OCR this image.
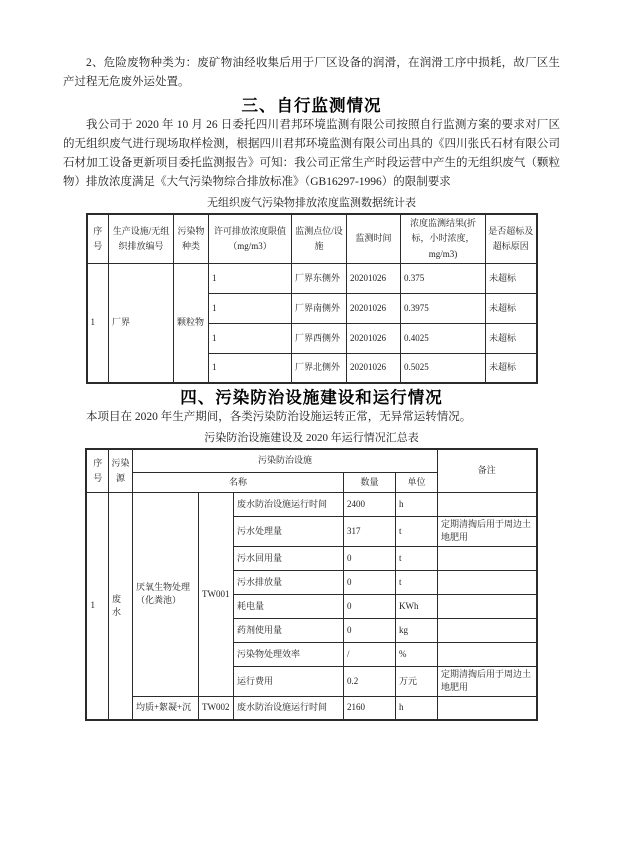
2、危险废物种类为：废矿物油经收集后用于厂区设备的润滑，在润滑工序中损耗，故厂区生产过程无危废外运处置。

三、自行监测情况

我公司于 2020 年 10 月 26 日委托四川君邦环境监测有限公司按照自行监测方案的要求对厂区的无组织废气进行现场取样检测，根据四川君邦环境监测有限公司出具的《四川张氏石材有限公司石材加工设备更新项目委托监测报告》可知：我公司正常生产时段运营中产生的无组织废气（颗粒物）排放浓度满足《大气污染物综合排放标准》（GB16297-1996）的限制要求

无组织废气污染物排放浓度监测数据统计表
序号	生产设施/无组织排放编号	污染物种类	许可排放浓度限值（mg/m3）	监测点位/设施	监测时间	浓度监测结果(折标，小时浓度，mg/m3)	是否超标及超标原因
1	厂界	颗粒物	1	厂界东侧外	20201026	0.375	未超标
			1	厂界南侧外	20201026	0.3975	未超标
			1	厂界西侧外	20201026	0.4025	未超标
			1	厂界北侧外	20201026	0.5025	未超标
四、污染防治设施建设和运行情况

本项目在 2020 年生产期间，各类污染防治设施运转正常，无异常运转情况。

污染防治设施建设及 2020 年运行情况汇总表
序号	污染源	污染防治设施					备注
		名称			数量	单位	
1	废水	厌氧生物处理（化粪池）	TW001	废水防治设施运行时间	2400	h	
				污水处理量	317	t	定期清掏后用于周边土地肥用
				污水回用量	0	t	
				污水排放量	0	t	
				耗电量	0	KWh	
				药剂使用量	0	kg	
				污染物处理效率	/	%	
				运行费用	0.2	万元	定期清掏后用于周边土地肥用
		均质+絮凝+沉	TW002	废水防治设施运行时间	2160	h	
